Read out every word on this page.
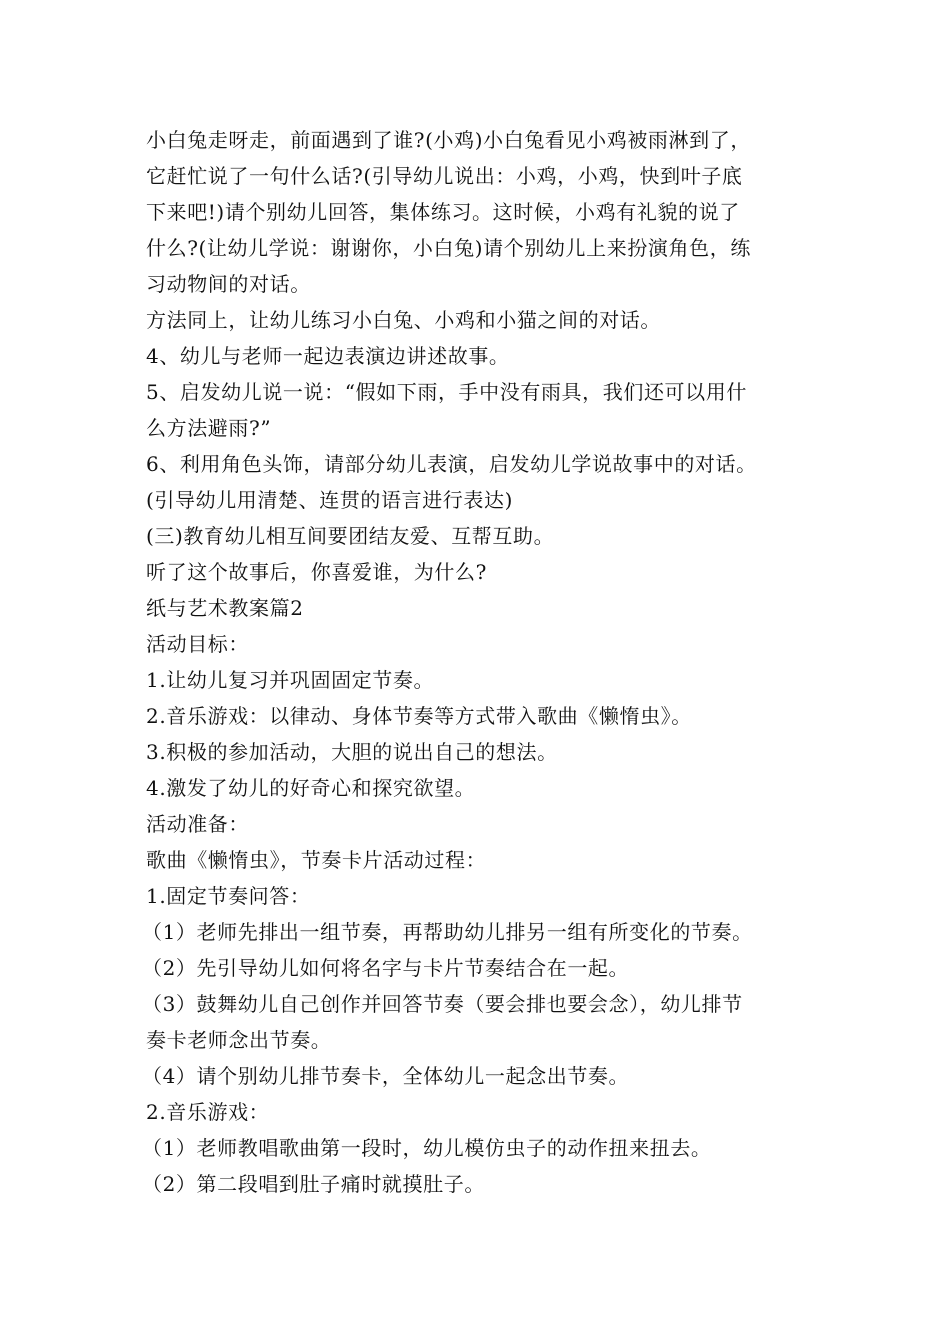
小白兔走呀走，前面遇到了谁?(小鸡)小白兔看见小鸡被雨淋到了，
它赶忙说了一句什么话?(引导幼儿说出：小鸡，小鸡，快到叶子底
下来吧!)请个别幼儿回答，集体练习。这时候，小鸡有礼貌的说了
什么?(让幼儿学说：谢谢你，小白兔)请个别幼儿上来扮演角色，练
习动物间的对话。
方法同上，让幼儿练习小白兔、小鸡和小猫之间的对话。
4、幼儿与老师一起边表演边讲述故事。
5、启发幼儿说一说：“假如下雨，手中没有雨具，我们还可以用什
么方法避雨?”
6、利用角色头饰，请部分幼儿表演，启发幼儿学说故事中的对话。
(引导幼儿用清楚、连贯的语言进行表达)
(三)教育幼儿相互间要团结友爱、互帮互助。
听了这个故事后，你喜爱谁，为什么?
纸与艺术教案篇2
活动目标：
1.让幼儿复习并巩固固定节奏。
2.音乐游戏：以律动、身体节奏等方式带入歌曲《懒惰虫》。
3.积极的参加活动，大胆的说出自己的想法。
4.激发了幼儿的好奇心和探究欲望。
活动准备：
歌曲《懒惰虫》，节奏卡片活动过程：
1.固定节奏问答：
（1）老师先排出一组节奏，再帮助幼儿排另一组有所变化的节奏。
（2）先引导幼儿如何将名字与卡片节奏结合在一起。
（3）鼓舞幼儿自己创作并回答节奏（要会排也要会念），幼儿排节
奏卡老师念出节奏。
（4）请个别幼儿排节奏卡，全体幼儿一起念出节奏。
2.音乐游戏：
（1）老师教唱歌曲第一段时，幼儿模仿虫子的动作扭来扭去。
（2）第二段唱到肚子痛时就摸肚子。
